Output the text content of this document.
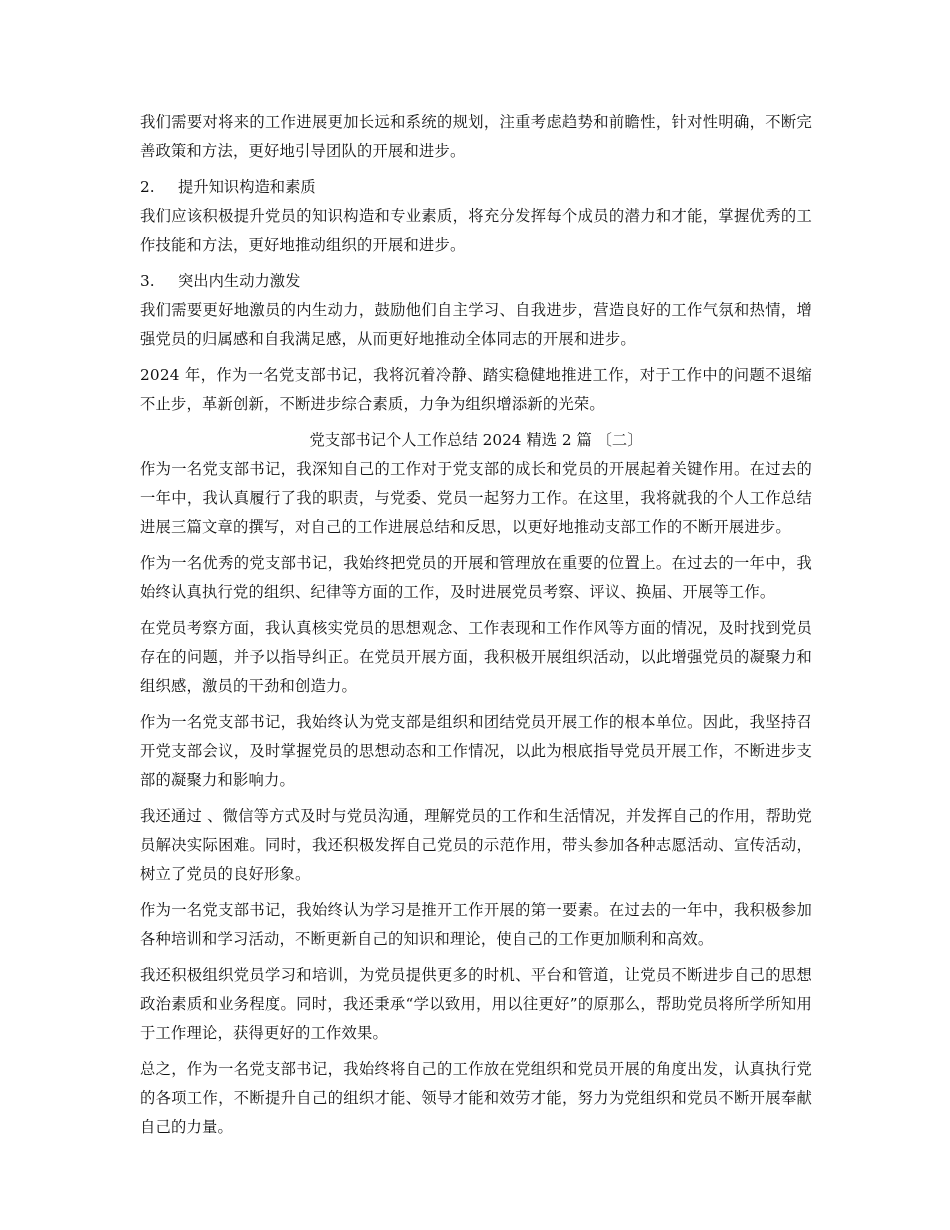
我们需要对将来的工作进展更加长远和系统的规划，注重考虑趋势和前瞻性，针对性明确，不断完善政策和方法，更好地引导团队的开展和进步。

2.	提升知识构造和素质

我们应该积极提升党员的知识构造和专业素质，将充分发挥每个成员的潜力和才能，掌握优秀的工作技能和方法，更好地推动组织的开展和进步。

3.	突出内生动力激发

我们需要更好地激员的内生动力，鼓励他们自主学习、自我进步，营造良好的工作气氛和热情，增强党员的归属感和自我满足感，从而更好地推动全体同志的开展和进步。

2024 年，作为一名党支部书记，我将沉着冷静、踏实稳健地推进工作，对于工作中的问题不退缩不止步，革新创新，不断进步综合素质，力争为组织增添新的光荣。

党支部书记个人工作总结 2024 精选 2 篇 〔二〕

作为一名党支部书记，我深知自己的工作对于党支部的成长和党员的开展起着关键作用。在过去的一年中，我认真履行了我的职责，与党委、党员一起努力工作。在这里，我将就我的个人工作总结进展三篇文章的撰写，对自己的工作进展总结和反思，以更好地推动支部工作的不断开展进步。

作为一名优秀的党支部书记，我始终把党员的开展和管理放在重要的位置上。在过去的一年中，我始终认真执行党的组织、纪律等方面的工作，及时进展党员考察、评议、换届、开展等工作。

在党员考察方面，我认真核实党员的思想观念、工作表现和工作作风等方面的情况，及时找到党员存在的问题，并予以指导纠正。在党员开展方面，我积极开展组织活动，以此增强党员的凝聚力和组织感，激员的干劲和创造力。

作为一名党支部书记，我始终认为党支部是组织和团结党员开展工作的根本单位。因此，我坚持召开党支部会议，及时掌握党员的思想动态和工作情况，以此为根底指导党员开展工作，不断进步支部的凝聚力和影响力。

我还通过 、微信等方式及时与党员沟通，理解党员的工作和生活情况，并发挥自己的作用，帮助党员解决实际困难。同时，我还积极发挥自己党员的示范作用，带头参加各种志愿活动、宣传活动，树立了党员的良好形象。

作为一名党支部书记，我始终认为学习是推开工作开展的第一要素。在过去的一年中，我积极参加各种培训和学习活动，不断更新自己的知识和理论，使自己的工作更加顺利和高效。

我还积极组织党员学习和培训，为党员提供更多的时机、平台和管道，让党员不断进步自己的思想政治素质和业务程度。同时，我还秉承“学以致用，用以往更好”的原那么，帮助党员将所学所知用于工作理论，获得更好的工作效果。

总之，作为一名党支部书记，我始终将自己的工作放在党组织和党员开展的角度出发，认真执行党的各项工作，不断提升自己的组织才能、领导才能和效劳才能，努力为党组织和党员不断开展奉献自己的力量。
